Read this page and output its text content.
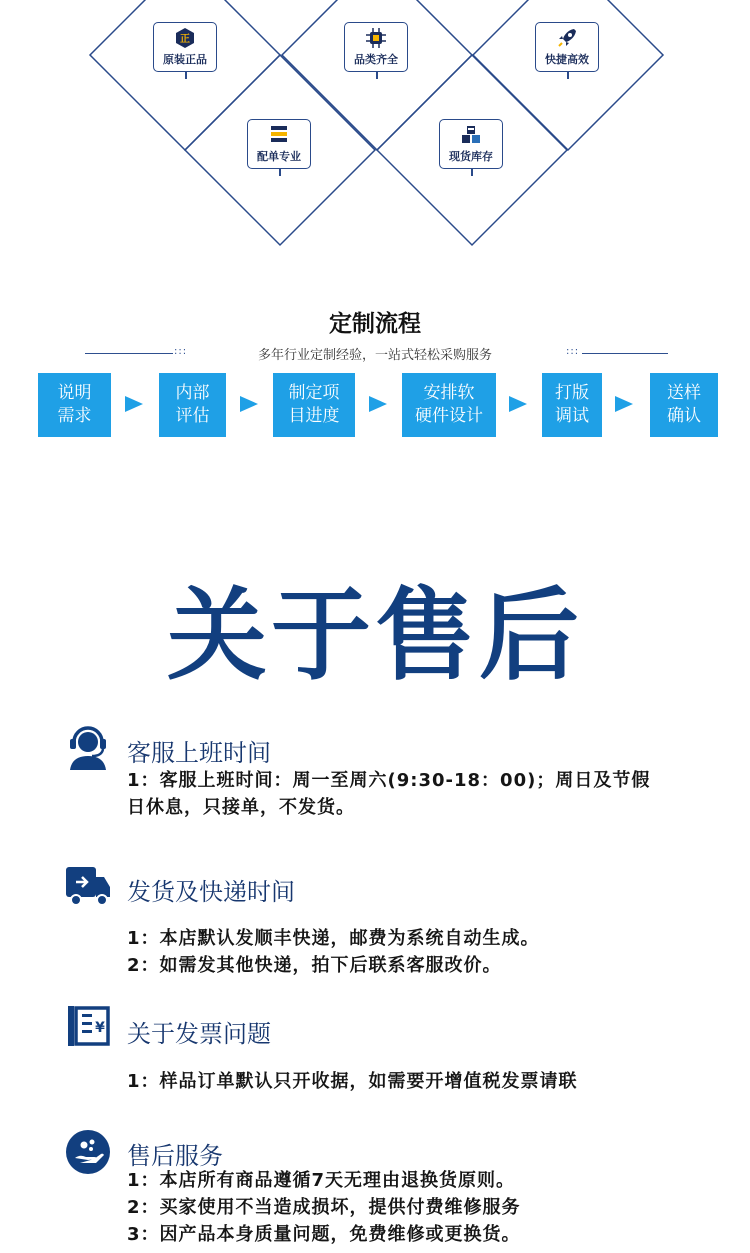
正
原装正品	品类齐全	快捷高效
配单专业	现货库存
定制流程
:::	多年行业定制经验，一站式轻松采购服务	:::
说明
需求
内部
评估
制定项
目进度
安排软
硬件设计
打版
调试
送样
确认
关于售后
客服上班时间
1：客服上班时间：周一至周六(9:30-18：00)；周日及节假
日休息，只接单，不发货。
发货及快递时间
1：本店默认发顺丰快递，邮费为系统自动生成。
2：如需发其他快递，拍下后联系客服改价。
¥ 关于发票问题
1：样品订单默认只开收据，如需要开增值税发票请联
售后服务
1：本店所有商品遵循7天无理由退换货原则。
2：买家使用不当造成损坏，提供付费维修服务
3：因产品本身质量问题，免费维修或更换货。
